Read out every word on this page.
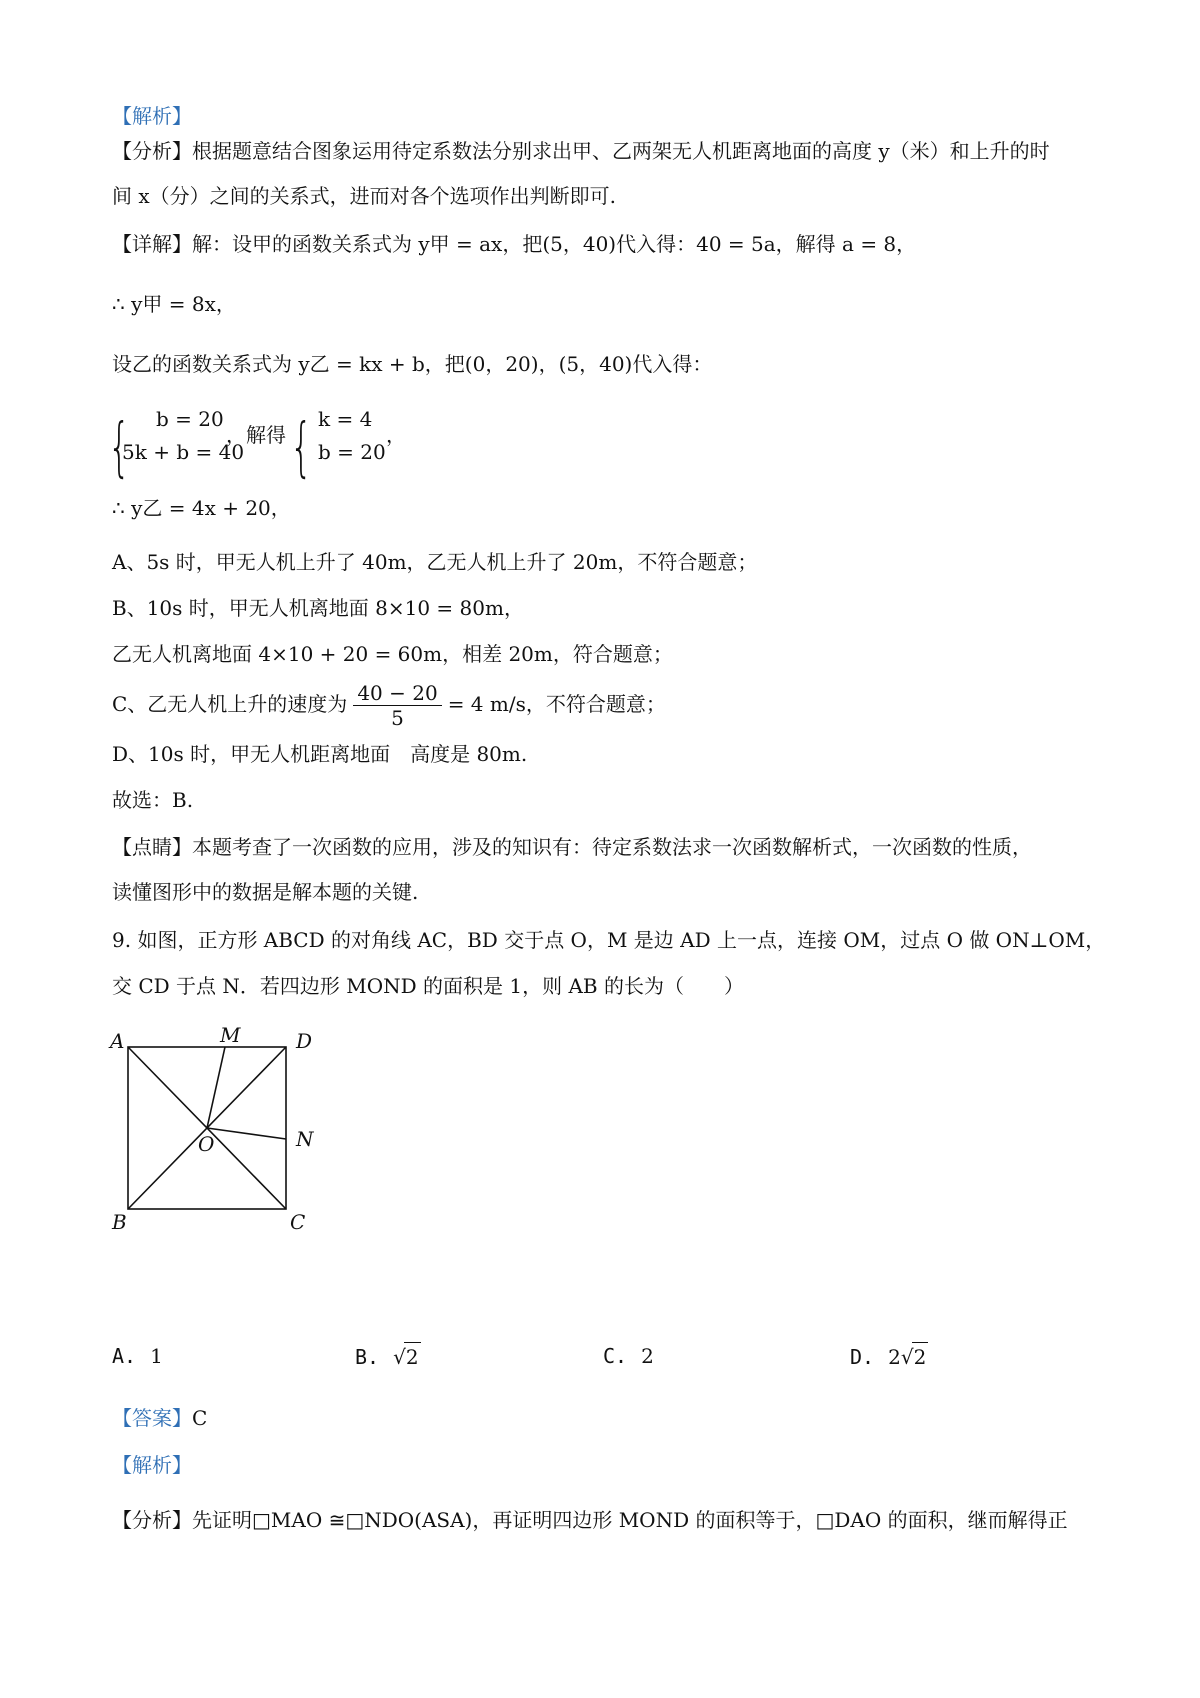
【解析】
【分析】根据题意结合图象运用待定系数法分别求出甲、乙两架无人机距离地面的高度 y（米）和上升的时
间 x（分）之间的关系式，进而对各个选项作出判断即可.
【详解】解：设甲的函数关系式为 y甲 = ax，把(5，40)代入得：40 = 5a，解得 a = 8，
∴ y甲 = 8x，
设乙的函数关系式为 y乙 = kx + b，把(0，20)，(5，40)代入得：
{ b = 20
5k + b = 40
，解得 { k = 4
b = 20
，
∴ y乙 = 4x + 20，
A、5s 时，甲无人机上升了 40m，乙无人机上升了 20m，不符合题意；
B、10s 时，甲无人机离地面 8×10 = 80m，
乙无人机离地面 4×10 + 20 = 60m，相差 20m，符合题意；
C、乙无人机上升的速度为 $\frac{40 - 20}{5} = 4$ m/s，不符合题意；
D、10s 时，甲无人机距离地面　高度是 80m.
故选：B.
【点睛】本题考查了一次函数的应用，涉及的知识有：待定系数法求一次函数解析式，一次函数的性质，
读懂图形中的数据是解本题的关键.
9. 如图，正方形 ABCD 的对角线 AC，BD 交于点 O，M 是边 AD 上一点，连接 OM，过点 O 做 ON⊥OM，
交 CD 于点 N．若四边形 MOND 的面积是 1，则 AB 的长为（　　）
A	M	D
O	N
B	C
A. 1	B. √2	C. 2	D. 2√2
【答案】C
【解析】
【分析】先证明□MAO ≅□NDO(ASA)，再证明四边形 MOND 的面积等于，□DAO 的面积，继而解得正
